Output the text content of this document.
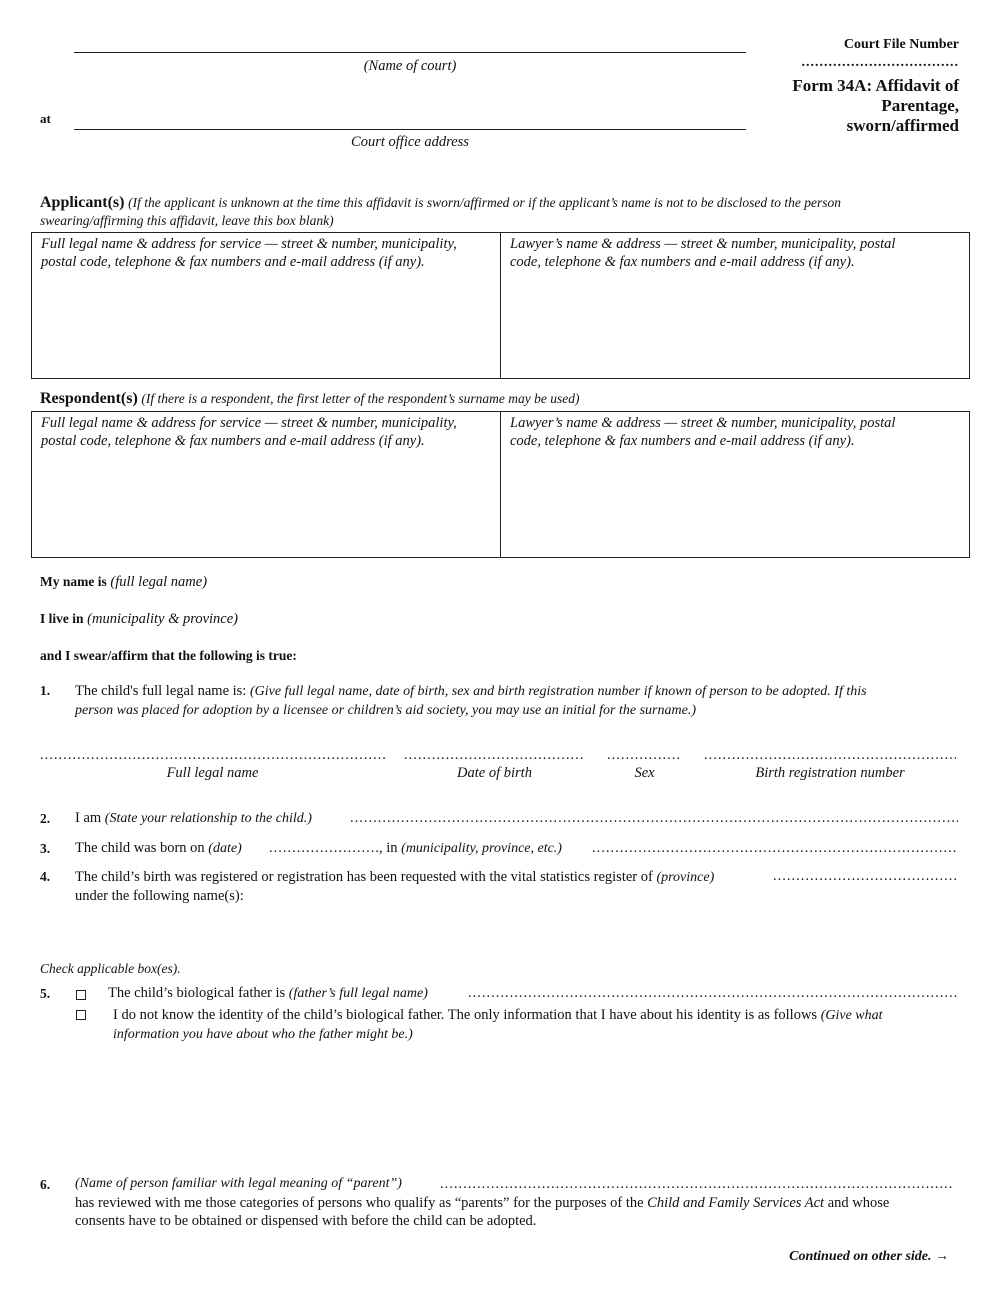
(Name of court)
at
Court office address
Court File Number
...................................
Form 34A: Affidavit of
Parentage,
sworn/affirmed
Applicant(s) (If the applicant is unknown at the time this affidavit is sworn/affirmed or if the applicant’s name is not to be disclosed to the person
swearing/affirming this affidavit, leave this box blank)
Full legal name & address for service — street & number, municipality,
postal code, telephone & fax numbers and e-mail address (if any).
Lawyer’s name & address — street & number, municipality, postal
code, telephone & fax numbers and e-mail address (if any).
Respondent(s) (If there is a respondent, the first letter of the respondent’s surname may be used)
Full legal name & address for service — street & number, municipality,
postal code, telephone & fax numbers and e-mail address (if any).
Lawyer’s name & address — street & number, municipality, postal
code, telephone & fax numbers and e-mail address (if any).
My name is (full legal name)
I live in (municipality & province)
and I swear/affirm that the following is true:
1.	The child's full legal name is: (Give full legal name, date of birth, sex and birth registration number if known of person to be adopted. If this
person was placed for adoption by a licensee or children’s aid society, you may use an initial for the surname.)
.....
.....
.....
.....
Full legal name	Date of birth	Sex	Birth registration number
2.	I am (State your relationship to the child.)
.....
3.	The child was born on (date)
.....	, in (municipality, province, etc.)
.....
4.	The child’s birth was registered or registration has been requested with the vital statistics register of (province)
under the following name(s):
.....
Check applicable box(es).
5.	The child’s biological father is (father’s full legal name)
.....
I do not know the identity of the child’s biological father. The only information that I have about his identity is as follows (Give what
information you have about who the father might be.)
6.	(Name of person familiar with legal meaning of “parent”)
.....
has reviewed with me those categories of persons who qualify as “parents” for the purposes of the Child and Family Services Act and whose
consents have to be obtained or dispensed with before the child can be adopted.
Continued on other side. →
